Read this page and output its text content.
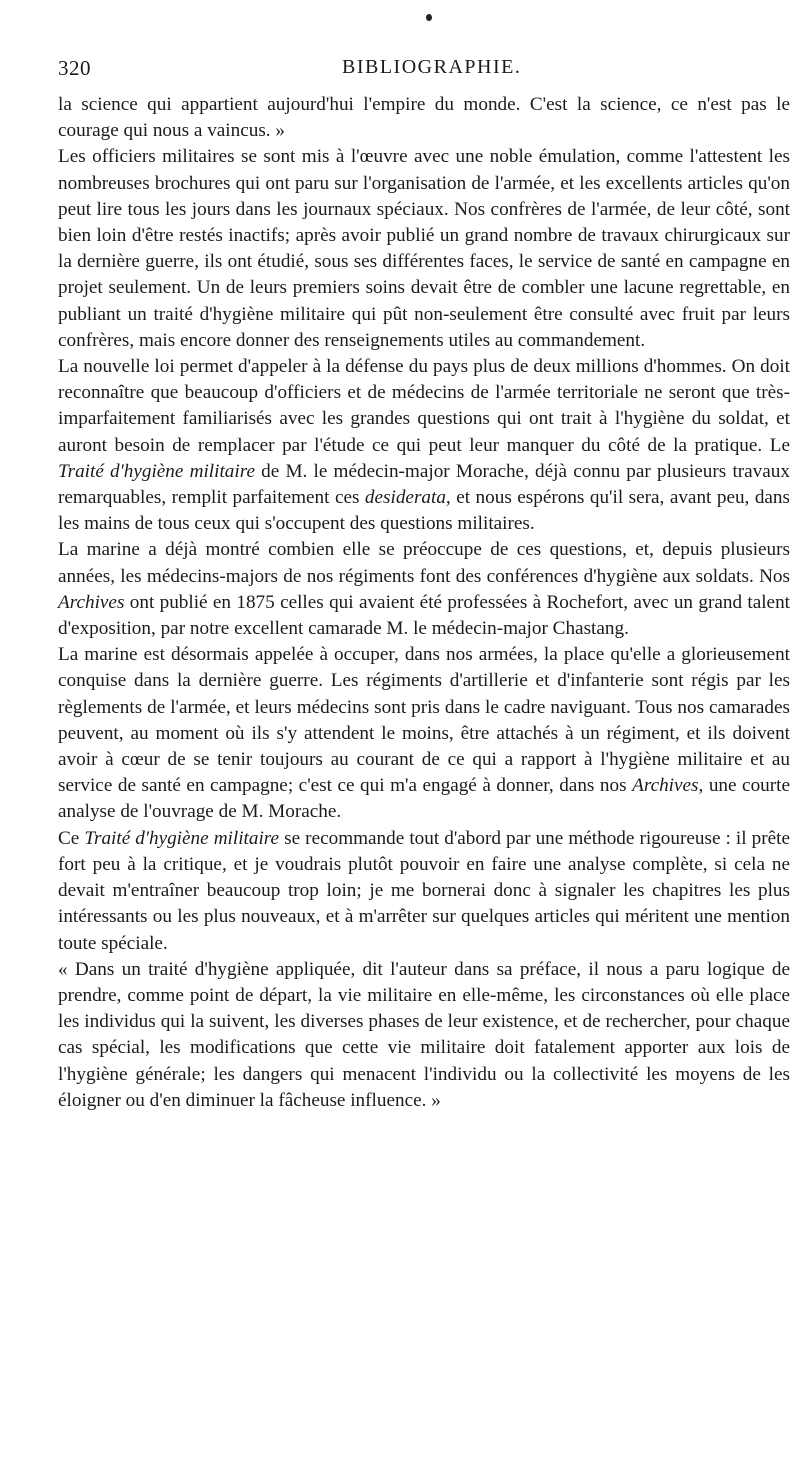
320	BIBLIOGRAPHIE.

la science qui appartient aujourd'hui l'empire du monde. C'est la science, ce n'est pas le courage qui nous a vaincus. »

Les officiers militaires se sont mis à l'œuvre avec une noble émulation, comme l'attestent les nombreuses brochures qui ont paru sur l'organisation de l'armée, et les excellents articles qu'on peut lire tous les jours dans les journaux spéciaux. Nos confrères de l'armée, de leur côté, sont bien loin d'être restés inactifs; après avoir publié un grand nombre de travaux chirurgicaux sur la dernière guerre, ils ont étudié, sous ses différentes faces, le service de santé en campagne en projet seulement. Un de leurs premiers soins devait être de combler une lacune regrettable, en publiant un traité d'hygiène militaire qui pût non-seulement être consulté avec fruit par leurs confrères, mais encore donner des renseignements utiles au commandement.

La nouvelle loi permet d'appeler à la défense du pays plus de deux millions d'hommes. On doit reconnaître que beaucoup d'officiers et de médecins de l'armée territoriale ne seront que très-imparfaitement familiarisés avec les grandes questions qui ont trait à l'hygiène du soldat, et auront besoin de remplacer par l'étude ce qui peut leur manquer du côté de la pratique. Le Traité d'hygiène militaire de M. le médecin-major Morache, déjà connu par plusieurs travaux remarquables, remplit parfaitement ces desiderata, et nous espérons qu'il sera, avant peu, dans les mains de tous ceux qui s'occupent des questions militaires.

La marine a déjà montré combien elle se préoccupe de ces questions, et, depuis plusieurs années, les médecins-majors de nos régiments font des conférences d'hygiène aux soldats. Nos Archives ont publié en 1875 celles qui avaient été professées à Rochefort, avec un grand talent d'exposition, par notre excellent camarade M. le médecin-major Chastang.

La marine est désormais appelée à occuper, dans nos armées, la place qu'elle a glorieusement conquise dans la dernière guerre. Les régiments d'artillerie et d'infanterie sont régis par les règlements de l'armée, et leurs médecins sont pris dans le cadre naviguant. Tous nos camarades peuvent, au moment où ils s'y attendent le moins, être attachés à un régiment, et ils doivent avoir à cœur de se tenir toujours au courant de ce qui a rapport à l'hygiène militaire et au service de santé en campagne; c'est ce qui m'a engagé à donner, dans nos Archives, une courte analyse de l'ouvrage de M. Morache.

Ce Traité d'hygiène militaire se recommande tout d'abord par une méthode rigoureuse : il prête fort peu à la critique, et je voudrais plutôt pouvoir en faire une analyse complète, si cela ne devait m'entraîner beaucoup trop loin; je me bornerai donc à signaler les chapitres les plus intéressants ou les plus nouveaux, et à m'arrêter sur quelques articles qui méritent une mention toute spéciale.

« Dans un traité d'hygiène appliquée, dit l'auteur dans sa préface, il nous a paru logique de prendre, comme point de départ, la vie militaire en elle-même, les circonstances où elle place les individus qui la suivent, les diverses phases de leur existence, et de rechercher, pour chaque cas spécial, les modifications que cette vie militaire doit fatalement apporter aux lois de l'hygiène générale; les dangers qui menacent l'individu ou la collectivité les moyens de les éloigner ou d'en diminuer la fâcheuse influence. »
